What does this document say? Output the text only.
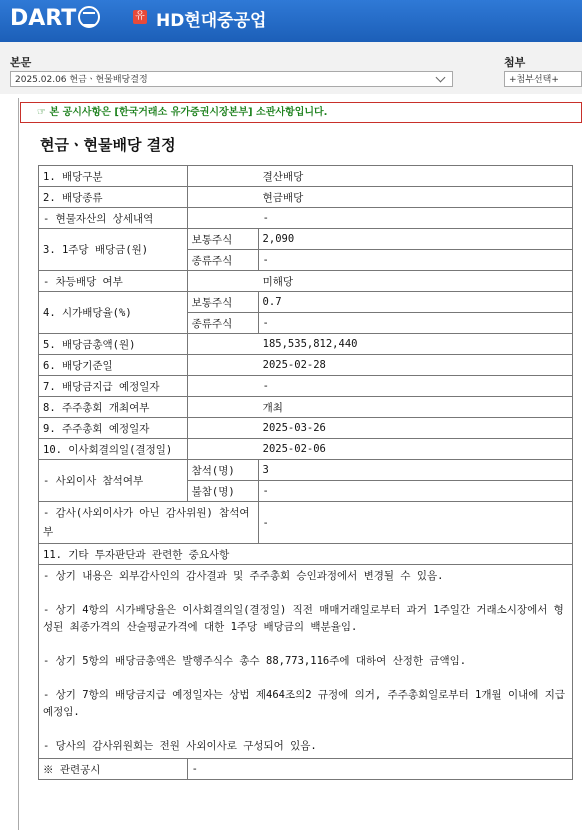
DART	유 HD현대중공업
본문
2025.02.06 현금ㆍ현물배당결정
첨부
+첨부선택+
☞ 본 공시사항은 [한국거래소 유가증권시장본부] 소관사항입니다.
현금ㆍ현물배당 결정
1. 배당구분	결산배당	
2. 배당종류	현금배당	
- 현물자산의 상세내역	-	
3. 1주당 배당금(원)	보통주식	2,090
	종류주식	-
- 차등배당 여부	미해당	
4. 시가배당율(%)	보통주식	0.7
	종류주식	-
5. 배당금총액(원)	185,535,812,440	
6. 배당기준일	2025-02-28	
7. 배당금지급 예정일자	-	
8. 주주총회 개최여부	개최	
9. 주주총회 예정일자	2025-03-26	
10. 이사회결의일(결정일)	2025-02-06	
- 사외이사 참석여부	참석(명)	3
	불참(명)	-
- 감사(사외이사가 아닌 감사위원) 참석여부		-
11. 기타 투자판단과 관련한 중요사항		

- 상기 내용은 외부감사인의 감사결과 및 주주총회 승인과정에서 변경될 수 있음.
- 상기 4항의 시가배당율은 이사회결의일(결정일) 직전 매매거래일로부터 과거 1주일간 거래소시장에서 형성된 최종가격의 산술평균가격에 대한 1주당 배당금의 백분율임.
- 상기 5항의 배당금총액은 발행주식수 총수 88,773,116주에 대하여 산정한 금액임.
- 상기 7항의 배당금지급 예정일자는 상법 제464조의2 규정에 의거, 주주총회일로부터 1개월 이내에 지급 예정임.
- 당사의 감사위원회는 전원 사외이사로 구성되어 있음.		

※ 관련공시	-	
